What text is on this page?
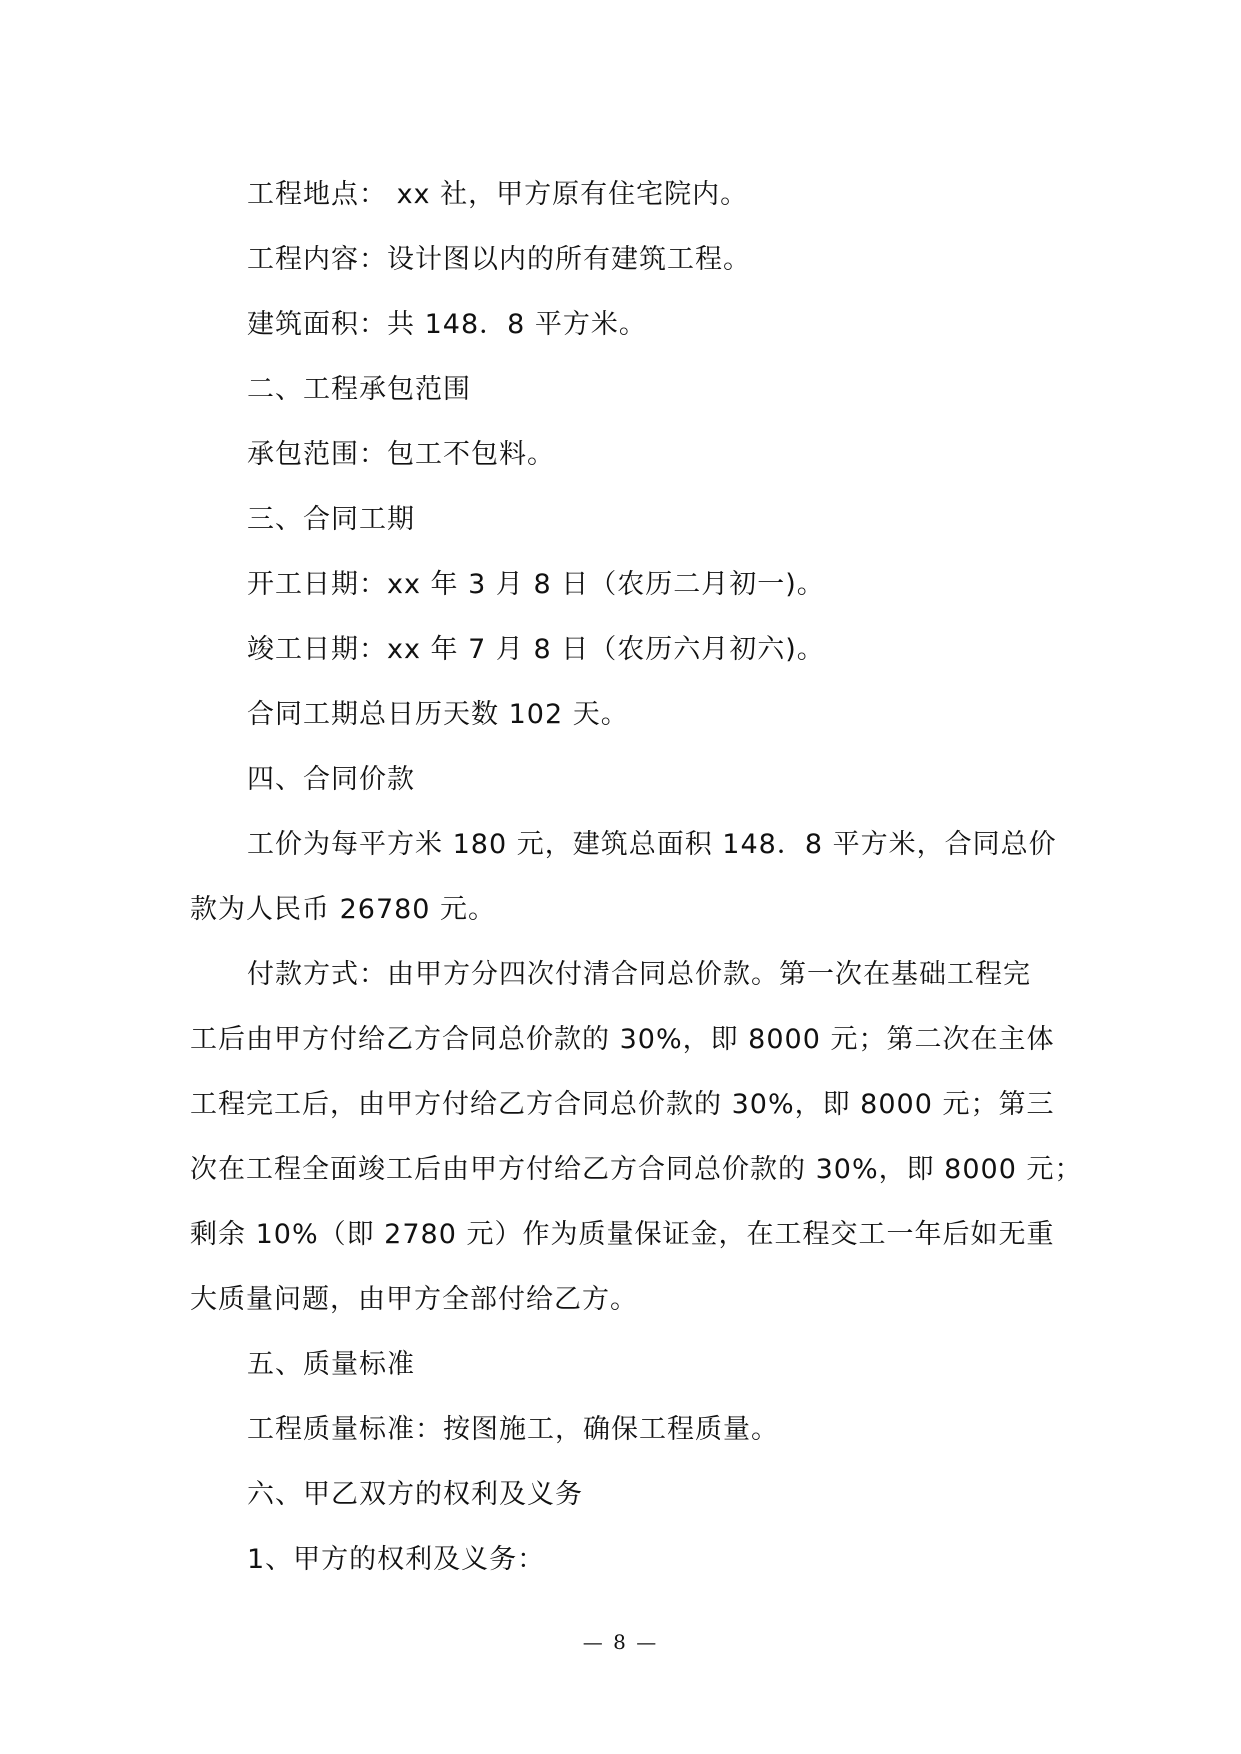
工程地点： xx 社，甲方原有住宅院内。

工程内容：设计图以内的所有建筑工程。

建筑面积：共 148．8 平方米。

二、工程承包范围

承包范围：包工不包料。

三、合同工期

开工日期：xx 年 3 月 8 日（农历二月初一)。

竣工日期：xx 年 7 月 8 日（农历六月初六)。

合同工期总日历天数 102 天。

四、合同价款

工价为每平方米 180 元，建筑总面积 148．8 平方米，合同总价

款为人民币 26780 元。

付款方式：由甲方分四次付清合同总价款。第一次在基础工程完

工后由甲方付给乙方合同总价款的 30%，即 8000 元；第二次在主体

工程完工后，由甲方付给乙方合同总价款的 30%，即 8000 元；第三

次在工程全面竣工后由甲方付给乙方合同总价款的 30%，即 8000 元；

剩余 10%（即 2780 元）作为质量保证金，在工程交工一年后如无重

大质量问题，由甲方全部付给乙方。

五、质量标准

工程质量标准：按图施工，确保工程质量。

六、甲乙双方的权利及义务

1、甲方的权利及义务：

— 8 —
